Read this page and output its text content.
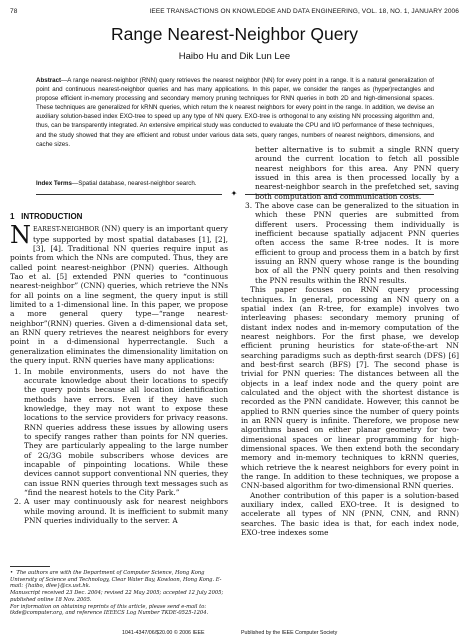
78	IEEE TRANSACTIONS ON KNOWLEDGE AND DATA ENGINEERING, VOL. 18, NO. 1, JANUARY 2006
Range Nearest-Neighbor Query
Haibo Hu and Dik Lun Lee
Abstract—A range nearest-neighbor (RNN) query retrieves the nearest neighbor (NN) for every point in a range. It is a natural generalization of point and continuous nearest-neighbor queries and has many applications. In this paper, we consider the ranges as (hyper)rectangles and propose efficient in-memory processing and secondary memory pruning techniques for RNN queries in both 2D and high-dimensional spaces. These techniques are generalized for kRNN queries, which return the k nearest neighbors for every point in the range. In addition, we devise an auxiliary solution-based index EXO-tree to speed up any type of NN query. EXO-tree is orthogonal to any existing NN processing algorithm and, thus, can be transparently integrated. An extensive empirical study was conducted to evaluate the CPU and I/O performance of these techniques, and the study showed that they are efficient and robust under various data sets, query ranges, numbers of nearest neighbors, dimensions, and cache sizes.
Index Terms—Spatial database, nearest-neighbor search.
✦
1 INTRODUCTION

NEAREST-NEIGHBOR (NN) query is an important query type supported by most spatial databases [1], [2], [3], [4]. Traditional NN queries require input as points from which the NNs are computed. Thus, they are called point nearest-neighbor (PNN) queries. Although Tao et al. [5] extended PNN queries to “continuous nearest-neighbor” (CNN) queries, which retrieve the NNs for all points on a line segment, the query input is still limited to a 1-dimensional line. In this paper, we propose a more general query type—“range nearest-neighbor”(RNN) queries. Given a d-dimensional data set, an RNN query retrieves the nearest neighbors for every point in a d-dimensional hyperrectangle. Such a generalization eliminates the dimensionality limitation on the query input. RNN queries have many applications:

1. In mobile environments, users do not have the accurate knowledge about their locations to specify the query points because all location identification methods have errors. Even if they have such knowledge, they may not want to expose these locations to the service providers for privacy reasons. RNN queries address these issues by allowing users to specify ranges rather than points for NN queries. They are particularly appealing to the large number of 2G/3G mobile subscribers whose devices are incapable of pinpointing locations. While these devices cannot support conventional NN queries, they can issue RNN queries through text messages such as “find the nearest hotels to the City Park.”
2. A user may continuously ask for nearest neighbors while moving around. It is inefficient to submit many PNN queries individually to the server. A
better alternative is to submit a single RNN query around the current location to fetch all possible nearest neighbors for this area. Any PNN query issued in this area is then processed locally by a nearest-neighbor search in the prefetched set, saving both computation and communication costs.
3. The above case can be generalized to the situation in which these PNN queries are submitted from different users. Processing them individually is inefficient because spatially adjacent PNN queries often access the same R-tree nodes. It is more efficient to group and process them in a batch by first issuing an RNN query whose range is the bounding box of all the PNN query points and then resolving the PNN results within the RNN results.

This paper focuses on RNN query processing techniques. In general, processing an NN query on a spatial index (an R-tree, for example) involves two interleaving phases: secondary memory pruning of distant index nodes and in-memory computation of the nearest neighbors. For the first phase, we develop efficient pruning heuristics for state-of-the-art NN searching paradigms such as depth-first search (DFS) [6] and best-first search (BFS) [7]. The second phase is trivial for PNN queries: The distances between all the objects in a leaf index node and the query point are calculated and the object with the shortest distance is recorded as the PNN candidate. However, this cannot be applied to RNN queries since the number of query points in an RNN query is infinite. Therefore, we propose new algorithms based on either planar geometry for two-dimensional spaces or linear programming for high-dimensional spaces. We then extend both the secondary memory and in-memory techniques to kRNN queries, which retrieve the k nearest neighbors for every point in the range. In addition to these techniques, we propose a CNN-based algorithm for two-dimensional RNN queries.

Another contribution of this paper is a solution-based auxiliary index, called EXO-tree. It is designed to accelerate all types of NN (PNN, CNN, and RNN) searches. The basic idea is that, for each index node, EXO-tree indexes some

• The authors are with the Department of Computer Science, Hong Kong University of Science and Technology, Clear Water Bay, Kowloon, Hong Kong. E-mail: {haibo, dlee}@cs.ust.hk.

Manuscript received 23 Dec. 2004; revised 22 May 2005; accepted 12 July 2005; published online 18 Nov. 2005.

For information on obtaining reprints of this article, please send e-mail to: tkde@computer.org, and reference IEEECS Log Number TKDE-0525-1204.

1041-4347/06/$20.00 © 2006 IEEE	Published by the IEEE Computer Society
